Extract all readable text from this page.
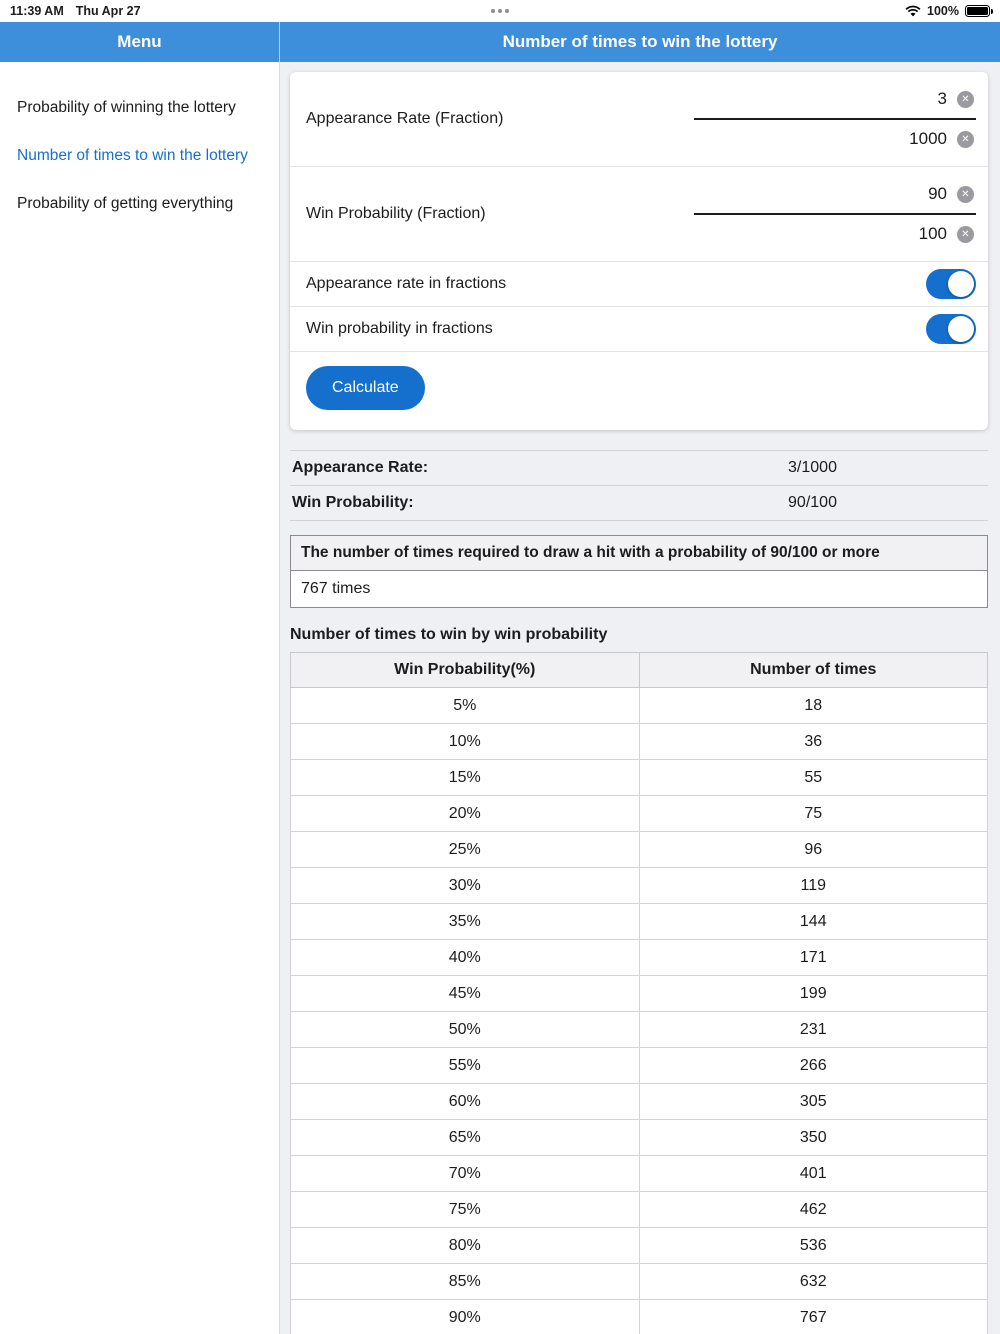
11:39 AM Thu Apr 27	100%
Menu	Number of times to win the lottery
Probability of winning the lottery
Number of times to win the lottery
Probability of getting everything
Appearance Rate (Fraction)	3
✕
1000
✕
Win Probability (Fraction)	90
✕
100
✕
Appearance rate in fractions
Win probability in fractions
Calculate
Appearance Rate:	3/1000
Win Probability:	90/100
The number of times required to draw a hit with a probability of 90/100 or more
767 times
Number of times to win by win probability
Win Probability(%)	Number of times
5%	18
10%	36
15%	55
20%	75
25%	96
30%	119
35%	144
40%	171
45%	199
50%	231
55%	266
60%	305
65%	350
70%	401
75%	462
80%	536
85%	632
90%	767
